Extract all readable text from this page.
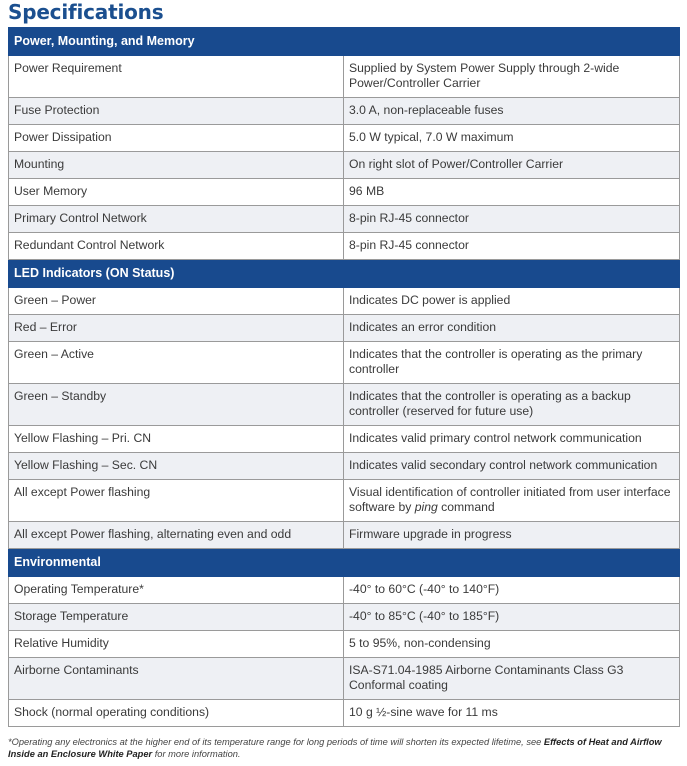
Specifications
Power, Mounting, and Memory	
Power Requirement	Supplied by System Power Supply through 2-wide Power/Controller Carrier
Fuse Protection	3.0 A, non-replaceable fuses
Power Dissipation	5.0 W typical, 7.0 W maximum
Mounting	On right slot of Power/Controller Carrier
User Memory	96 MB
Primary Control Network	8-pin RJ-45 connector
Redundant Control Network	8-pin RJ-45 connector
LED Indicators (ON Status)	
Green – Power	Indicates DC power is applied
Red – Error	Indicates an error condition
Green – Active	Indicates that the controller is operating as the primary controller
Green – Standby	Indicates that the controller is operating as a backup controller (reserved for future use)
Yellow Flashing – Pri. CN	Indicates valid primary control network communication
Yellow Flashing – Sec. CN	Indicates valid secondary control network communication
All except Power flashing	Visual identification of controller initiated from user interface software by ping command
All except Power flashing, alternating even and odd	Firmware upgrade in progress
Environmental	
Operating Temperature*	-40° to 60°C (-40° to 140°F)
Storage Temperature	-40° to 85°C (-40° to 185°F)
Relative Humidity	5 to 95%, non-condensing
Airborne Contaminants	ISA-S71.04-1985 Airborne Contaminants Class G3 Conformal coating
Shock (normal operating conditions)	10 g ½-sine wave for 11 ms

*Operating any electronics at the higher end of its temperature range for long periods of time will shorten its expected lifetime, see Effects of Heat and Airflow Inside an Enclosure White Paper for more information.
